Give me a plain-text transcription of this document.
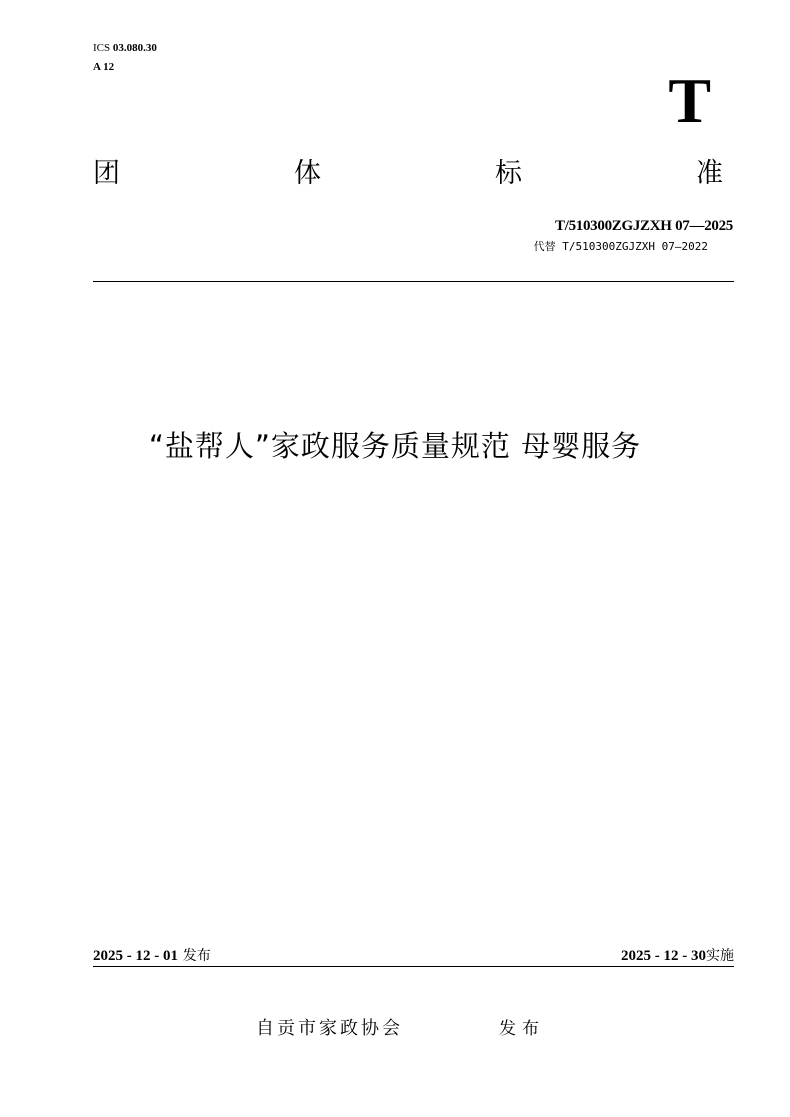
ICS 03.080.30
A 12	T
团	体	标	准
T/510300ZGJZXH 07—2025
代替 T/510300ZGJZXH 07—2022
“盐帮人”家政服务质量规范 母婴服务
2025 - 12 - 01 发布	2025 - 12 - 30实施
自贡市家政协会	发布
